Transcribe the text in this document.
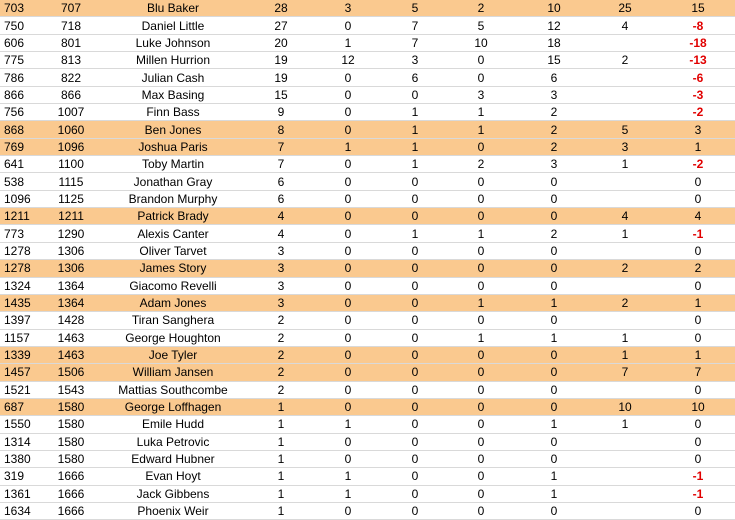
703	707	Blu Baker	28	3	5	2	10	25	15
750	718	Daniel Little	27	0	7	5	12	4	-8
606	801	Luke Johnson	20	1	7	10	18		-18
775	813	Millen Hurrion	19	12	3	0	15	2	-13
786	822	Julian Cash	19	0	6	0	6		-6
866	866	Max Basing	15	0	0	3	3		-3
756	1007	Finn Bass	9	0	1	1	2		-2
868	1060	Ben Jones	8	0	1	1	2	5	3
769	1096	Joshua Paris	7	1	1	0	2	3	1
641	1100	Toby Martin	7	0	1	2	3	1	-2
538	1115	Jonathan Gray	6	0	0	0	0		0
1096	1125	Brandon Murphy	6	0	0	0	0		0
1211	1211	Patrick Brady	4	0	0	0	0	4	4
773	1290	Alexis Canter	4	0	1	1	2	1	-1
1278	1306	Oliver Tarvet	3	0	0	0	0		0
1278	1306	James Story	3	0	0	0	0	2	2
1324	1364	Giacomo Revelli	3	0	0	0	0		0
1435	1364	Adam Jones	3	0	0	1	1	2	1
1397	1428	Tiran Sanghera	2	0	0	0	0		0
1157	1463	George Houghton	2	0	0	1	1	1	0
1339	1463	Joe Tyler	2	0	0	0	0	1	1
1457	1506	William Jansen	2	0	0	0	0	7	7
1521	1543	Mattias Southcombe	2	0	0	0	0		0
687	1580	George Loffhagen	1	0	0	0	0	10	10
1550	1580	Emile Hudd	1	1	0	0	1	1	0
1314	1580	Luka Petrovic	1	0	0	0	0		0
1380	1580	Edward Hubner	1	0	0	0	0		0
319	1666	Evan Hoyt	1	1	0	0	1		-1
1361	1666	Jack Gibbens	1	1	0	0	1		-1
1634	1666	Phoenix Weir	1	0	0	0	0		0
